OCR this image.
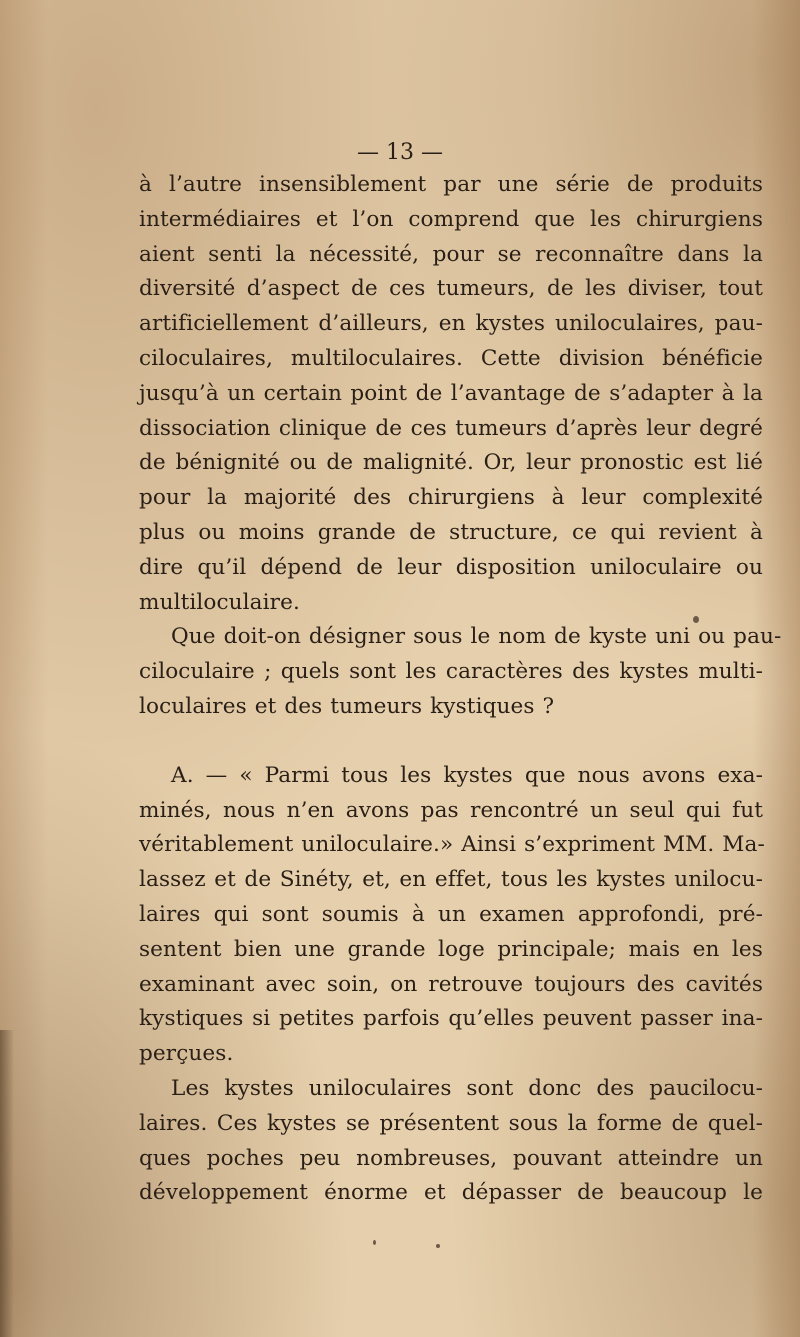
— 13 —
à l’autre insensiblement par une série de produits
intermédiaires et l’on comprend que les chirurgiens
aient senti la nécessité, pour se reconnaître dans la
diversité d’aspect de ces tumeurs, de les diviser, tout
artificiellement d’ailleurs, en kystes uniloculaires, pau-
ciloculaires, multiloculaires. Cette division bénéficie
jusqu’à un certain point de l’avantage de s’adapter à la
dissociation clinique de ces tumeurs d’après leur degré
de bénignité ou de malignité. Or, leur pronostic est lié
pour la majorité des chirurgiens à leur complexité
plus ou moins grande de structure, ce qui revient à
dire qu’il dépend de leur disposition uniloculaire ou
multiloculaire.
Que doit-on désigner sous le nom de kyste uni ou pau-
ciloculaire ; quels sont les caractères des kystes multi-
loculaires et des tumeurs kystiques ?
A. — « Parmi tous les kystes que nous avons exa-
minés, nous n’en avons pas rencontré un seul qui fut
véritablement uniloculaire.» Ainsi s’expriment MM. Ma-
lassez et de Sinéty, et, en effet, tous les kystes unilocu-
laires qui sont soumis à un examen approfondi, pré-
sentent bien une grande loge principale; mais en les
examinant avec soin, on retrouve toujours des cavités
kystiques si petites parfois qu’elles peuvent passer ina-
perçues.
Les kystes uniloculaires sont donc des paucilocu-
laires. Ces kystes se présentent sous la forme de quel-
ques poches peu nombreuses, pouvant atteindre un
développement énorme et dépasser de beaucoup le
